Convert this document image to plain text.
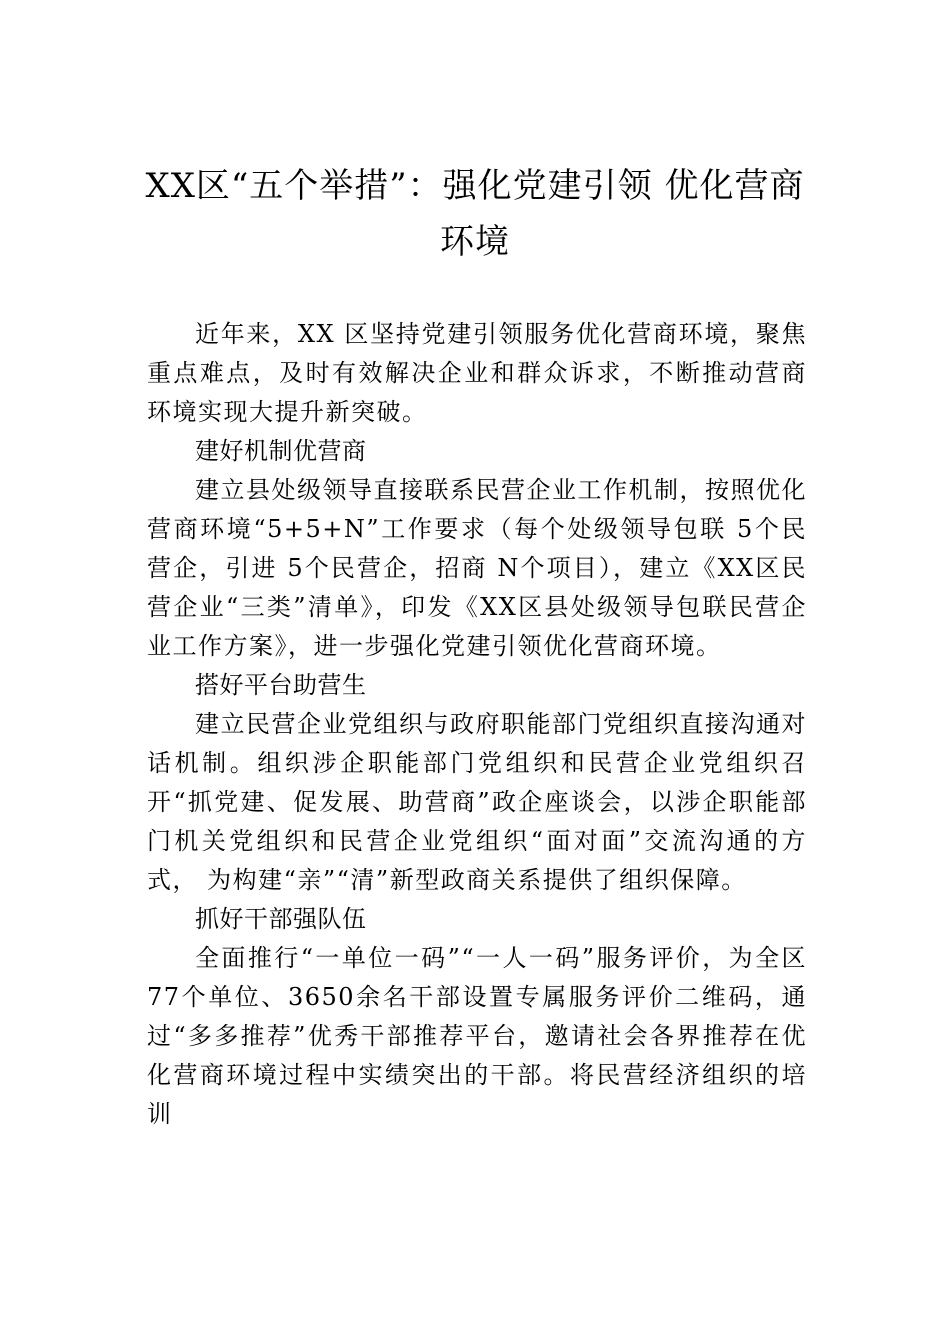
XX区“五个举措”：强化党建引领 优化营商环境

近年来，XX 区坚持党建引领服务优化营商环境，聚焦重点难点，及时有效解决企业和群众诉求，不断推动营商环境实现大提升新突破。

建好机制优营商

建立县处级领导直接联系民营企业工作机制，按照优化营商环境“5+5+N”工作要求（每个处级领导包联 5个民营企，引进 5个民营企，招商 N个项目），建立《XX区民营企业“三类”清单》，印发《XX区县处级领导包联民营企业工作方案》，进一步强化党建引领优化营商环境。

搭好平台助营生

建立民营企业党组织与政府职能部门党组织直接沟通对话机制。组织涉企职能部门党组织和民营企业党组织召开“抓党建、促发展、助营商”政企座谈会，以涉企职能部门机关党组织和民营企业党组织“面对面”交流沟通的方式， 为构建“亲”“清”新型政商关系提供了组织保障。

抓好干部强队伍

全面推行“一单位一码”“一人一码”服务评价，为全区 77个单位、3650余名干部设置专属服务评价二维码，通过“多多推荐”优秀干部推荐平台，邀请社会各界推荐在优化营商环境过程中实绩突出的干部。将民营经济组织的培训
